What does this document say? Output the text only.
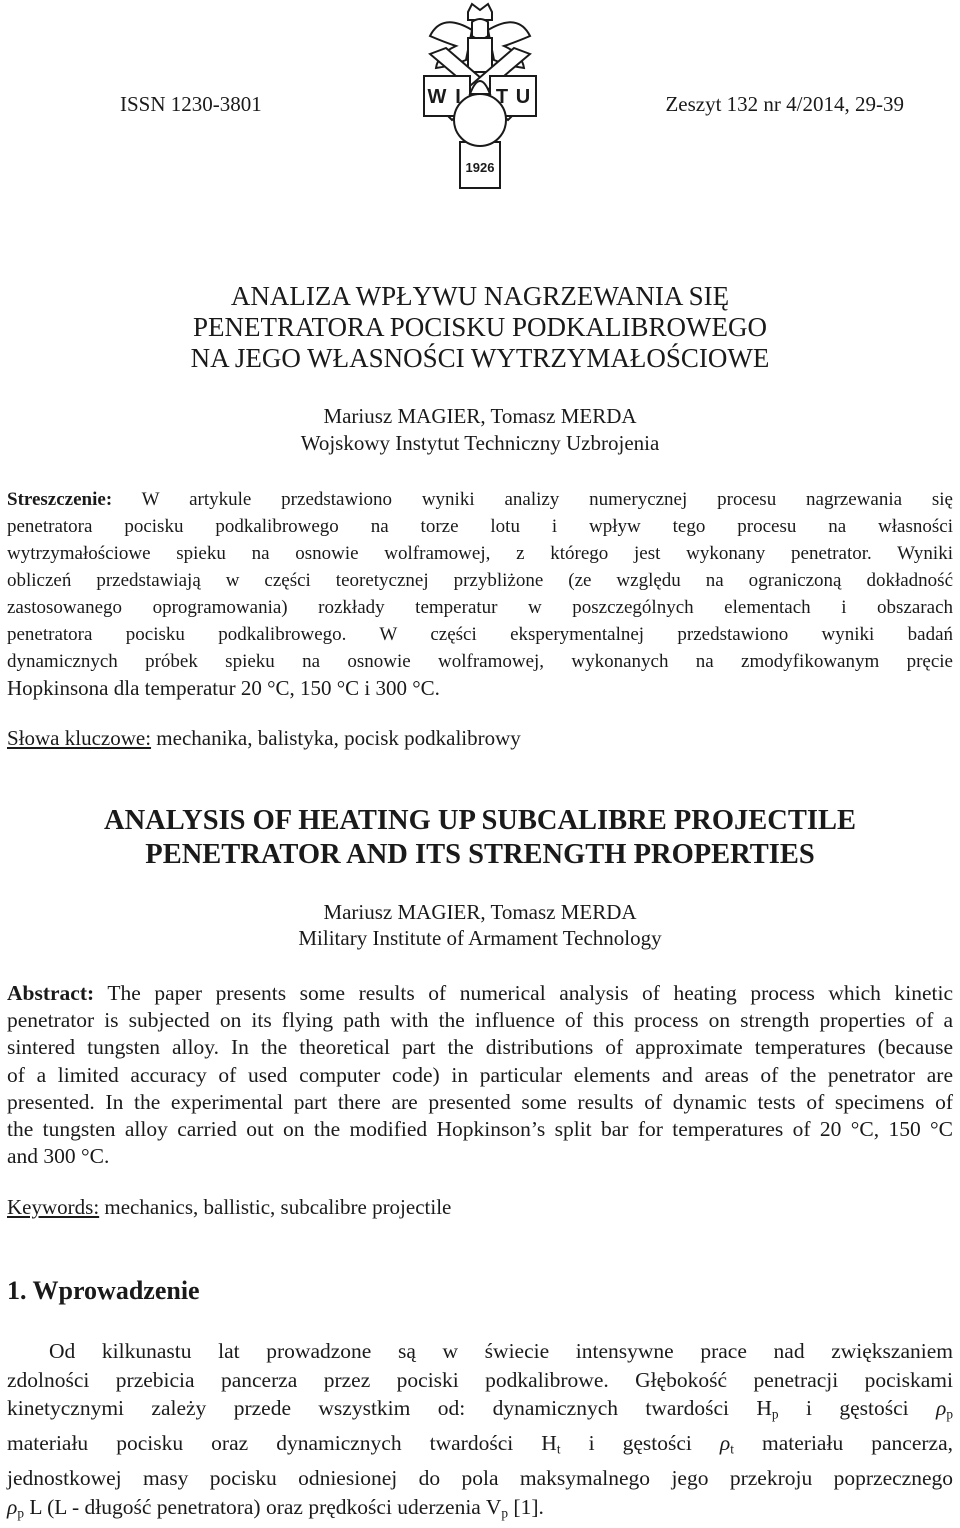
ISSN 1230-3801	Zeszyt 132 nr 4/2014, 29-39
W I T U
1926
ANALIZA WPŁYWU NAGRZEWANIA SIĘ
PENETRATORA POCISKU PODKALIBROWEGO
NA JEGO WŁASNOŚCI WYTRZYMAŁOŚCIOWE
Mariusz MAGIER, Tomasz MERDA
Wojskowy Instytut Techniczny Uzbrojenia
Streszczenie: W artykule przedstawiono wyniki analizy numerycznej procesu nagrzewania się
penetratora pocisku podkalibrowego na torze lotu i wpływ tego procesu na własności
wytrzymałościowe spieku na osnowie wolframowej, z którego jest wykonany penetrator. Wyniki
obliczeń przedstawiają w części teoretycznej przybliżone (ze względu na ograniczoną dokładność
zastosowanego oprogramowania) rozkłady temperatur w poszczególnych elementach i obszarach
penetratora pocisku podkalibrowego. W części eksperymentalnej przedstawiono wyniki badań
dynamicznych próbek spieku na osnowie wolframowej, wykonanych na zmodyfikowanym pręcie
Hopkinsona dla temperatur 20 °C, 150 °C i 300 °C.
Słowa kluczowe: mechanika, balistyka, pocisk podkalibrowy
ANALYSIS OF HEATING UP SUBCALIBRE PROJECTILE
PENETRATOR AND ITS STRENGTH PROPERTIES
Mariusz MAGIER, Tomasz MERDA
Military Institute of Armament Technology
Abstract: The paper presents some results of numerical analysis of heating process which kinetic
penetrator is subjected on its flying path with the influence of this process on strength properties of a
sintered tungsten alloy. In the theoretical part the distributions of approximate temperatures (because
of a limited accuracy of used computer code) in particular elements and areas of the penetrator are
presented. In the experimental part there are presented some results of dynamic tests of specimens of
the tungsten alloy carried out on the modified Hopkinson’s split bar for temperatures of 20 °C, 150 °C
and 300 °C.
Keywords: mechanics, ballistic, subcalibre projectile
1. Wprowadzenie
Od kilkunastu lat prowadzone są w świecie intensywne prace nad zwiększaniem
zdolności przebicia pancerza przez pociski podkalibrowe. Głębokość penetracji pociskami
kinetycznymi zależy przede wszystkim od: dynamicznych twardości $H_p$ i gęstości $\rho_p$
materiału pocisku oraz dynamicznych twardości $H_t$ i gęstości $\rho_t$ materiału pancerza,
jednostkowej masy pocisku odniesionej do pola maksymalnego jego przekroju poprzecznego
$\rho_p$ L (L - długość penetratora) oraz prędkości uderzenia $V_p$ [1].
